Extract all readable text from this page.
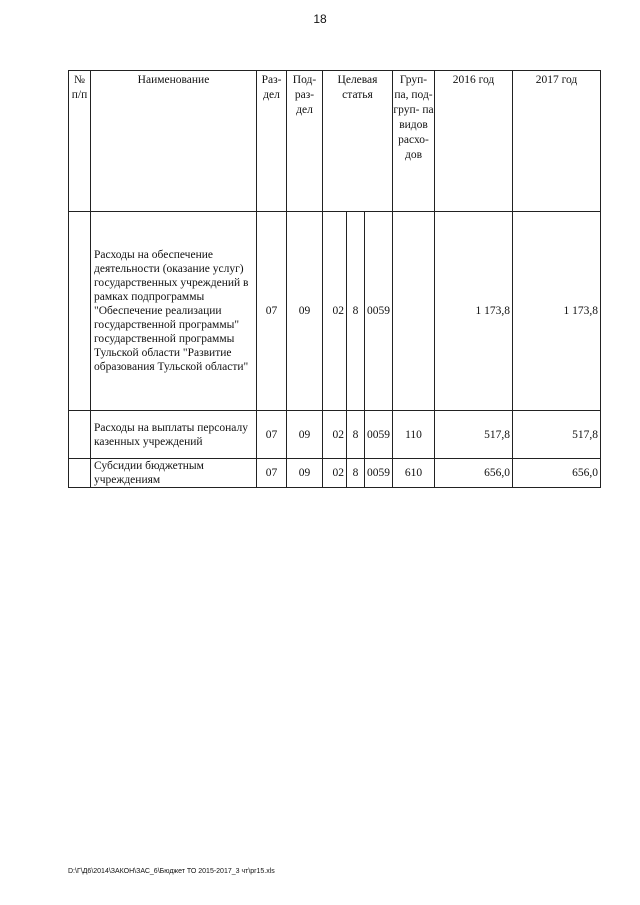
18
№ п/п	Наименование	Раз- дел	Под- раз- дел	Целевая статья			Груп- па, под- груп- па видов расхо- дов	2016 год	2017 год
	Расходы на обеспечение деятельности (оказание услуг) государственных учреждений в рамках подпрограммы "Обеспечение реализации государственной программы" государственной программы Тульской области "Развитие образования Тульской области"	07	09	02	8	0059		1 173,8	1 173,8
	Расходы на выплаты персоналу казенных учреждений	07	09	02	8	0059	110	517,8	517,8
	Субсидии бюджетным учреждениям	07	09	02	8	0059	610	656,0	656,0
D:\Г\Д6\2014\ЗАКОН\ЗАС_6\Бюджет ТО 2015-2017_3 чт\pr15.xls
